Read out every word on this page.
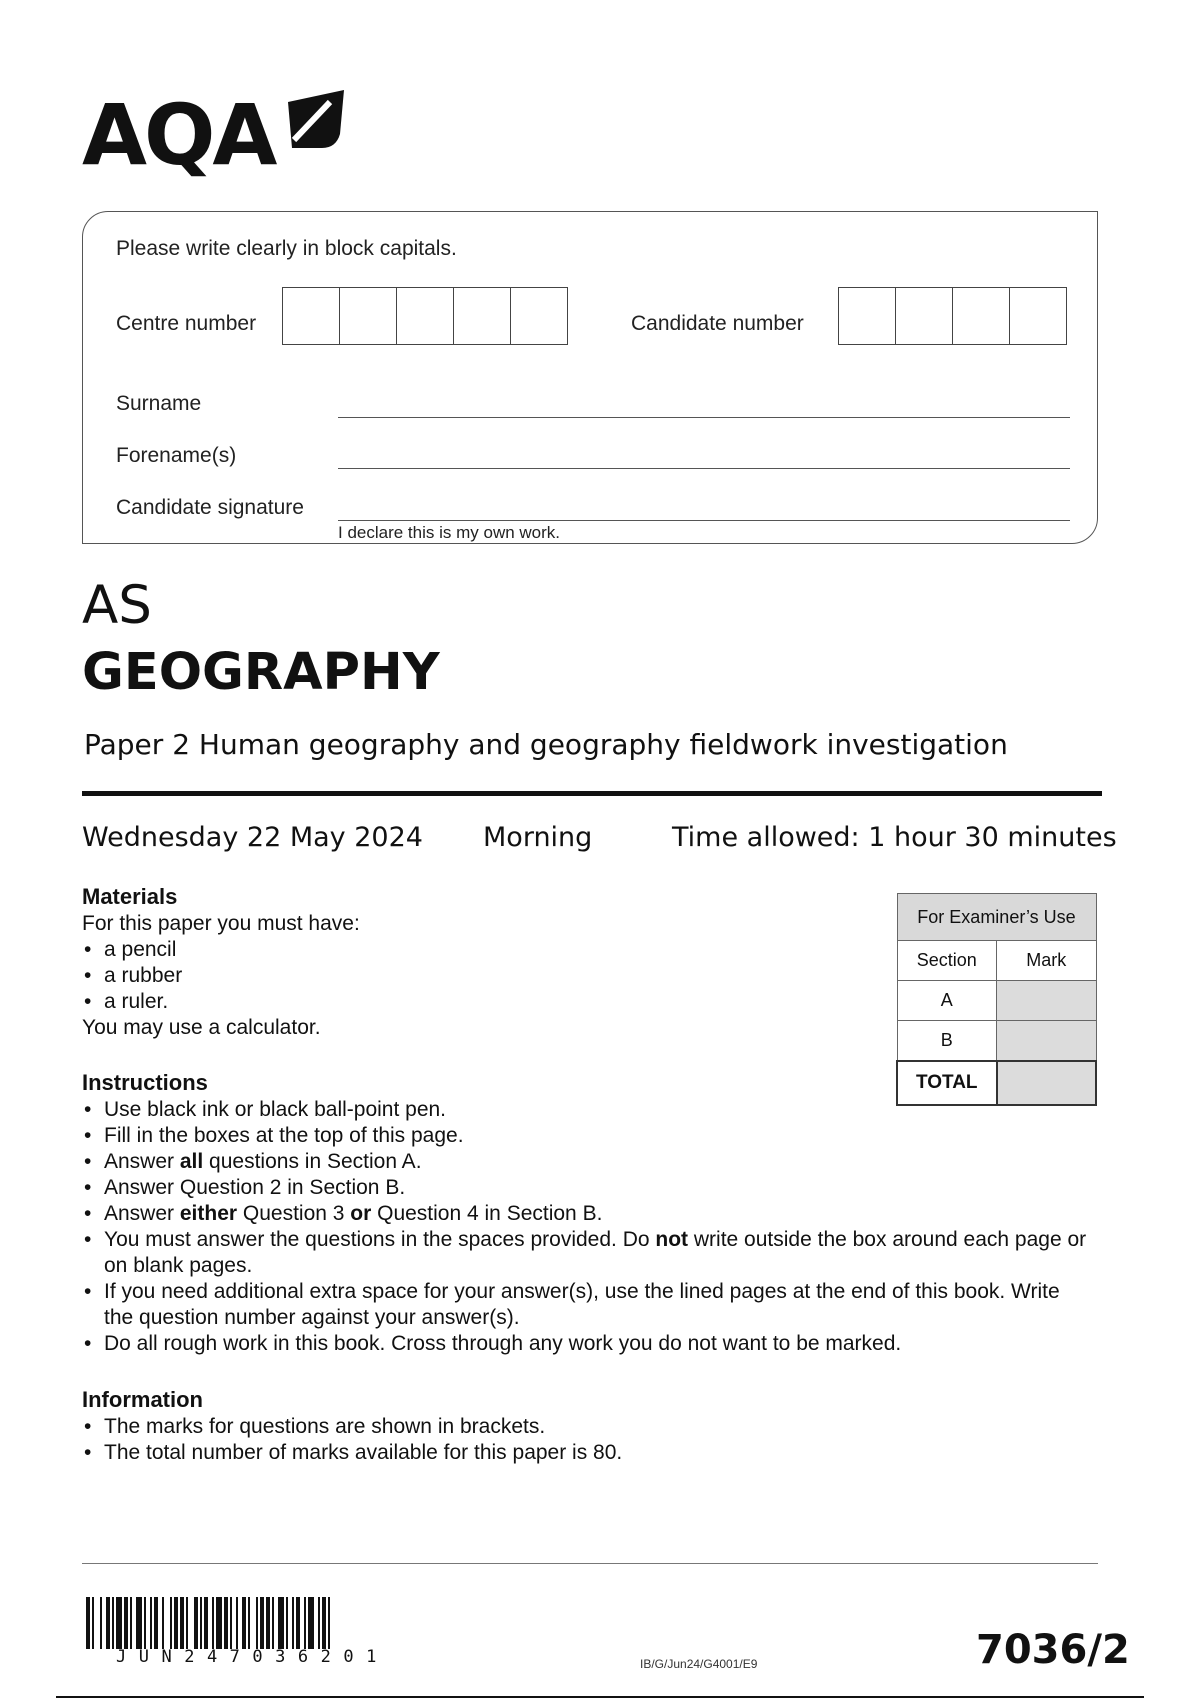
AQA
Please write clearly in block capitals.
Centre number	Candidate number
Surname
Forename(s)
Candidate signature
I declare this is my own work.
AS
GEOGRAPHY
Paper 2 Human geography and geography fieldwork investigation
Wednesday 22 May 2024 Morning	Time allowed: 1 hour 30 minutes
Materials
For this paper you must have:
• a pencil
• a rubber
• a ruler.
You may use a calculator.
Instructions
• Use black ink or black ball-point pen.
• Fill in the boxes at the top of this page.
• Answer all questions in Section A.
• Answer Question 2 in Section B.
• Answer either Question 3 or Question 4 in Section B.
• You must answer the questions in the spaces provided. Do not write outside the box around each page or on blank pages.
• If you need additional extra space for your answer(s), use the lined pages at the end of this book. Write the question number against your answer(s).
• Do all rough work in this book. Cross through any work you do not want to be marked.
Information
• The marks for questions are shown in brackets.
• The total number of marks available for this paper is 80.
For Examiner’s Use	
Section	Mark
A	
B	
TOTAL	
JUN247036201	IB/G/Jun24/G4001/E9	7036/2
